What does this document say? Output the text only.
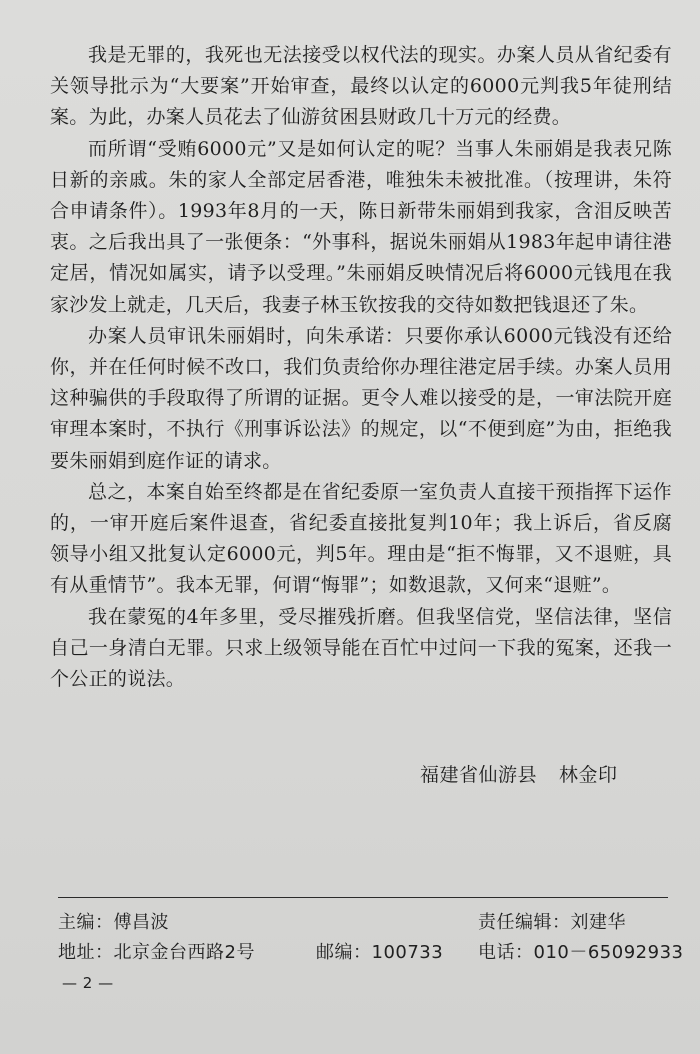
我是无罪的，我死也无法接受以权代法的现实。办案人员从省纪委有关领导批示为“大要案”开始审查，最终以认定的6000元判我5年徒刑结案。为此，办案人员花去了仙游贫困县财政几十万元的经费。

而所谓“受贿6000元”又是如何认定的呢？当事人朱丽娟是我表兄陈日新的亲戚。朱的家人全部定居香港，唯独朱未被批准。（按理讲，朱符合申请条件）。1993年8月的一天，陈日新带朱丽娟到我家，含泪反映苦衷。之后我出具了一张便条：“外事科，据说朱丽娟从1983年起申请往港定居，情况如属实，请予以受理。”朱丽娟反映情况后将6000元钱甩在我家沙发上就走，几天后，我妻子林玉钦按我的交待如数把钱退还了朱。

办案人员审讯朱丽娟时，向朱承诺：只要你承认6000元钱没有还给你，并在任何时候不改口，我们负责给你办理往港定居手续。办案人员用这种骗供的手段取得了所谓的证据。更令人难以接受的是，一审法院开庭审理本案时，不执行《刑事诉讼法》的规定，以“不便到庭”为由，拒绝我要朱丽娟到庭作证的请求。

总之，本案自始至终都是在省纪委原一室负责人直接干预指挥下运作的，一审开庭后案件退查，省纪委直接批复判10年；我上诉后，省反腐领导小组又批复认定6000元，判5年。理由是“拒不悔罪，又不退赃，具有从重情节”。我本无罪，何谓“悔罪”；如数退款，又何来“退赃”。

我在蒙冤的4年多里，受尽摧残折磨。但我坚信党，坚信法律，坚信自己一身清白无罪。只求上级领导能在百忙中过问一下我的冤案，还我一个公正的说法。

福建省仙游县 林金印
主编：傅昌波	责任编辑：刘建华
地址：北京金台西路2号	邮编：100733 电话：010－65092933
— 2 —
